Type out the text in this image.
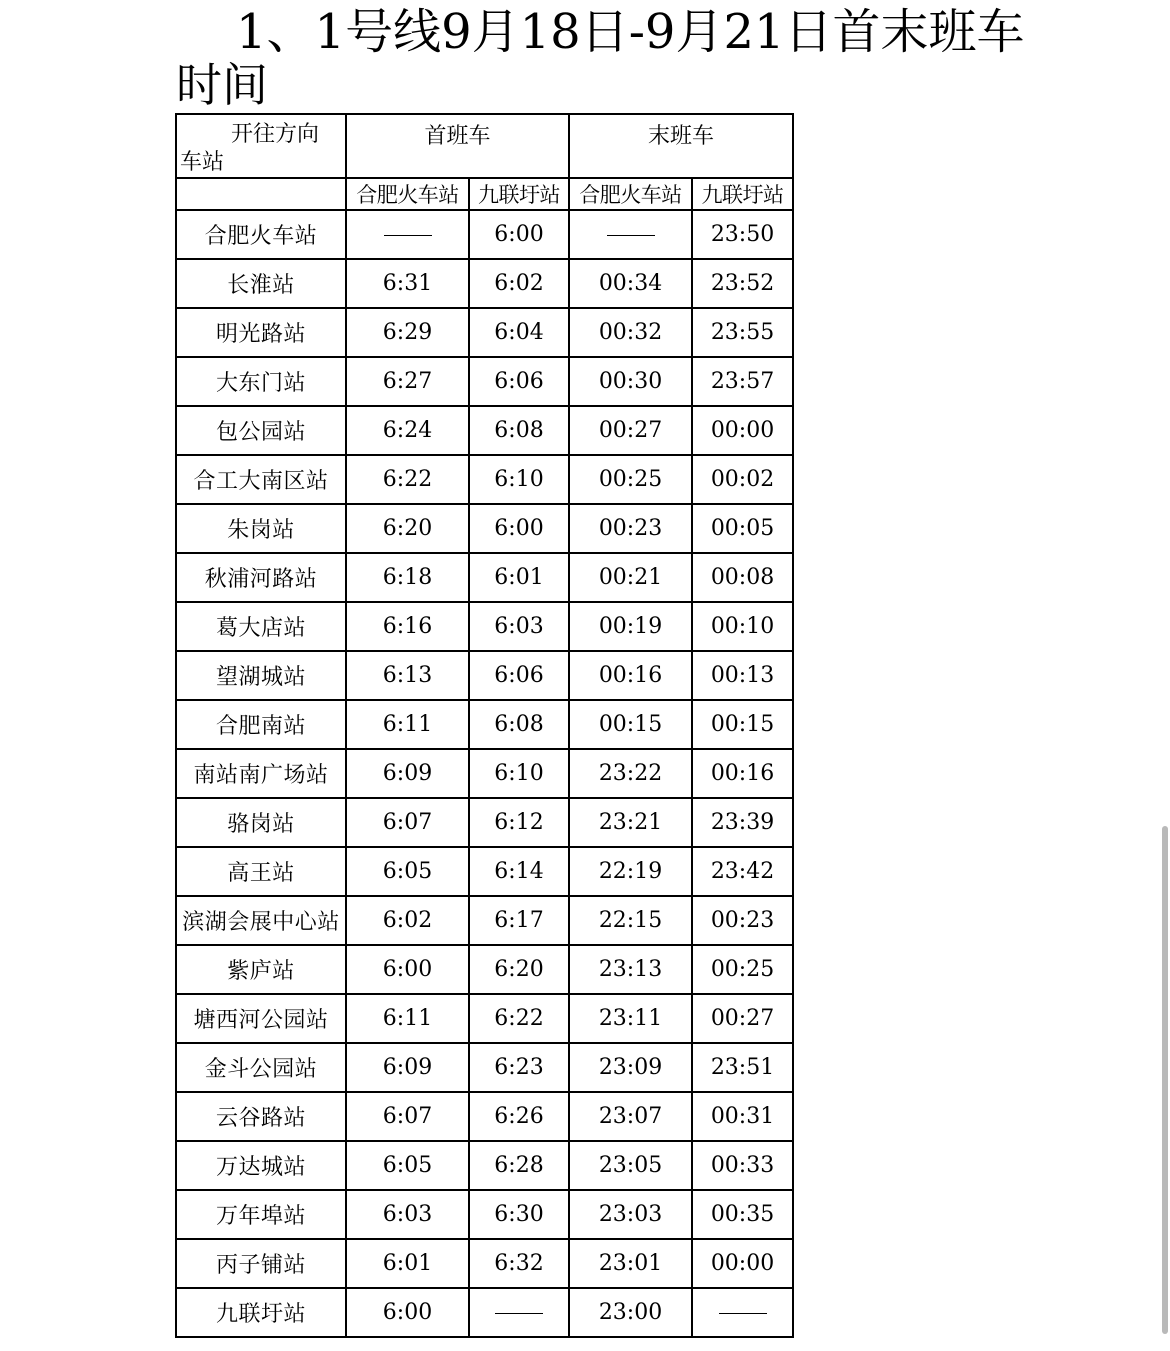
1、1号线9月18日-9月21日首末班车
时间
开往方向
车站	首班车		末班车	
	合肥火车站	九联圩站	合肥火车站	九联圩站
合肥火车站		6:00		23:50
长淮站	6:31	6:02	00:34	23:52
明光路站	6:29	6:04	00:32	23:55
大东门站	6:27	6:06	00:30	23:57
包公园站	6:24	6:08	00:27	00:00
合工大南区站	6:22	6:10	00:25	00:02
朱岗站	6:20	6:00	00:23	00:05
秋浦河路站	6:18	6:01	00:21	00:08
葛大店站	6:16	6:03	00:19	00:10
望湖城站	6:13	6:06	00:16	00:13
合肥南站	6:11	6:08	00:15	00:15
南站南广场站	6:09	6:10	23:22	00:16
骆岗站	6:07	6:12	23:21	23:39
高王站	6:05	6:14	22:19	23:42
滨湖会展中心站	6:02	6:17	22:15	00:23
紫庐站	6:00	6:20	23:13	00:25
塘西河公园站	6:11	6:22	23:11	00:27
金斗公园站	6:09	6:23	23:09	23:51
云谷路站	6:07	6:26	23:07	00:31
万达城站	6:05	6:28	23:05	00:33
万年埠站	6:03	6:30	23:03	00:35
丙子铺站	6:01	6:32	23:01	00:00
九联圩站	6:00		23:00	
